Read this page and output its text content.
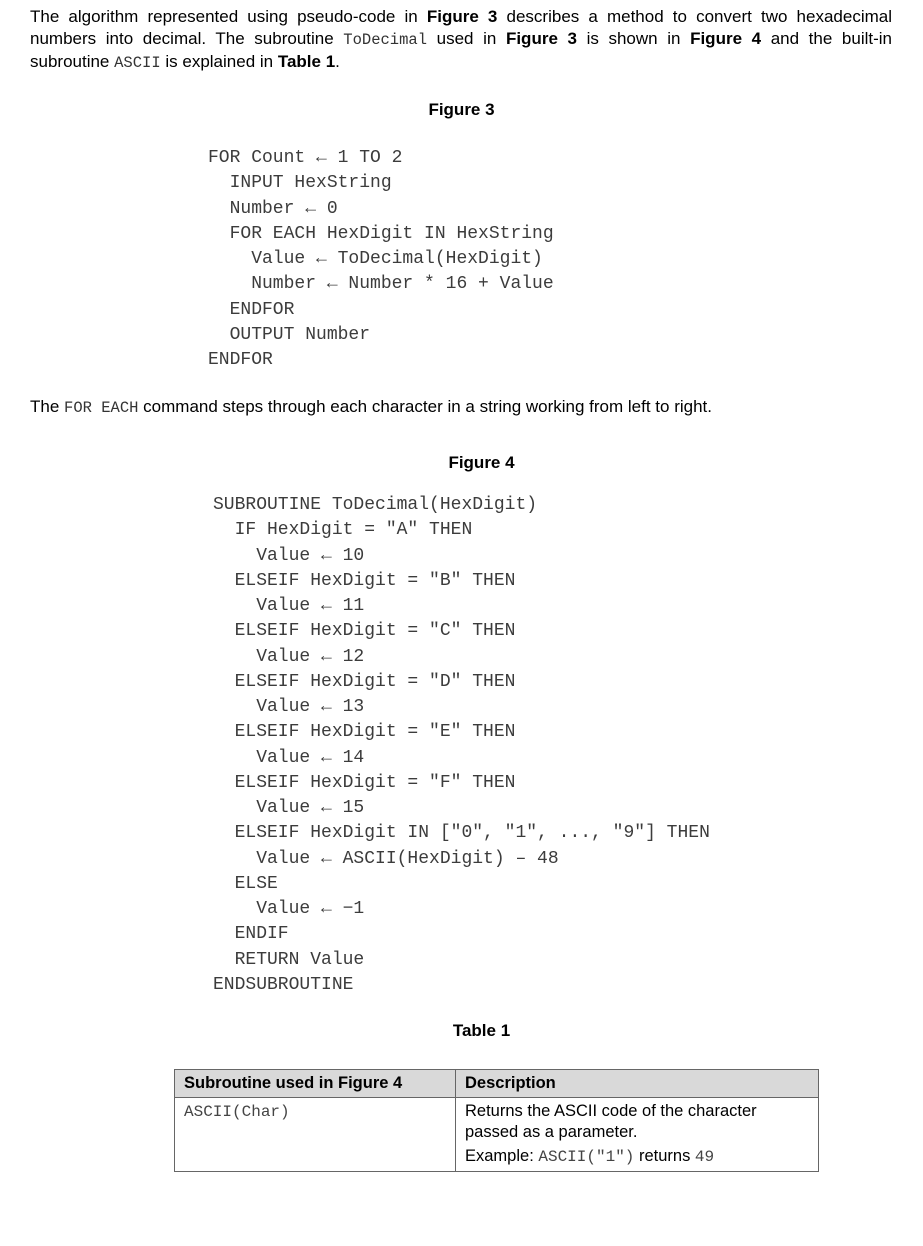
The algorithm represented using pseudo-code in Figure 3 describes a method to convert two hexadecimal numbers into decimal. The subroutine ToDecimal used in Figure 3 is shown in Figure 4 and the built-in subroutine ASCII is explained in Table 1.

Figure 3
FOR Count ← 1 TO 2
INPUT HexString
Number ← 0
FOR EACH HexDigit IN HexString
Value ← ToDecimal(HexDigit)
Number ← Number * 16 + Value
ENDFOR
OUTPUT Number
ENDFOR

The FOR EACH command steps through each character in a string working from left to right.

Figure 4
SUBROUTINE ToDecimal(HexDigit)
IF HexDigit = "A" THEN
Value ← 10
ELSEIF HexDigit = "B" THEN
Value ← 11
ELSEIF HexDigit = "C" THEN
Value ← 12
ELSEIF HexDigit = "D" THEN
Value ← 13
ELSEIF HexDigit = "E" THEN
Value ← 14
ELSEIF HexDigit = "F" THEN
Value ← 15
ELSEIF HexDigit IN ["0", "1", ..., "9"] THEN
Value ← ASCII(HexDigit) – 48
ELSE
Value ← −1
ENDIF
RETURN Value
ENDSUBROUTINE
Table 1
Subroutine used in Figure 4	Description
ASCII(Char)	Returns the ASCII code of the character passed as a parameter.
Example: ASCII("1") returns 49
